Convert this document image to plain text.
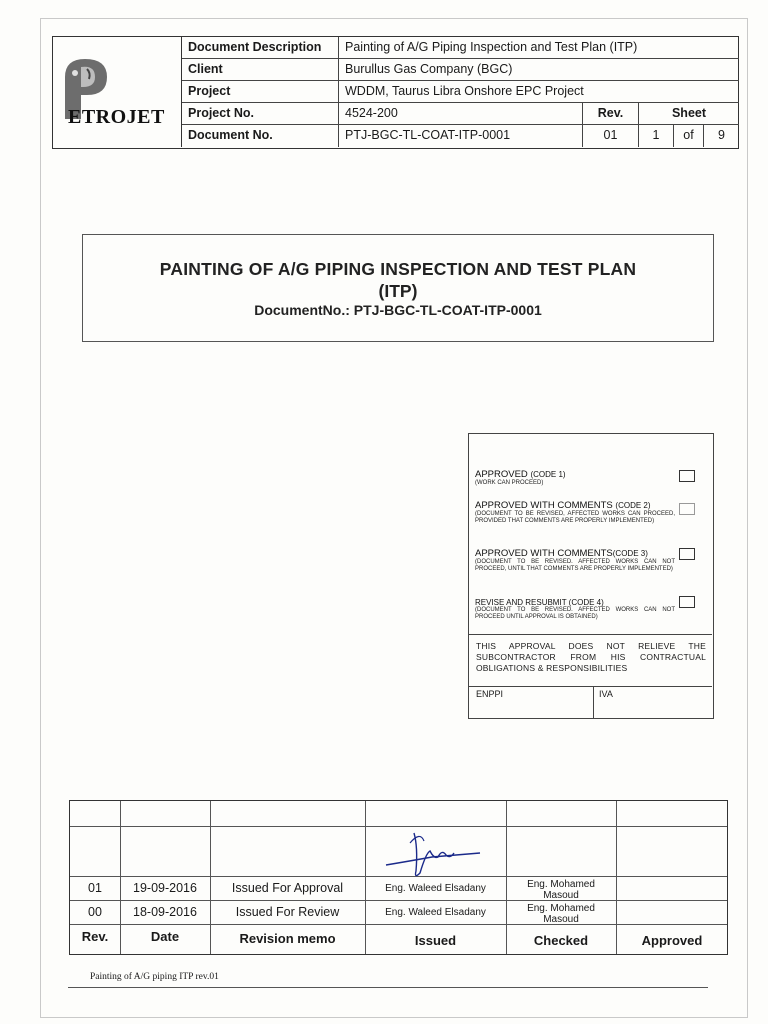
ETROJET
Document Description	Painting of A/G Piping Inspection and Test Plan (ITP)
Client	Burullus Gas Company (BGC)
Project	WDDM, Taurus Libra Onshore EPC Project
Project No.	4524-200	Rev.	Sheet
Document No.	PTJ-BGC-TL-COAT-ITP-0001	01	1	of	9
PAINTING OF A/G PIPING INSPECTION AND TEST PLAN
(ITP)
DocumentNo.: PTJ-BGC-TL-COAT-ITP-0001
APPROVED (CODE 1)
(WORK CAN PROCEED)
APPROVED WITH COMMENTS (CODE 2)
(DOCUMENT TO BE REVISED, AFFECTED WORKS CAN PROCEED, PROVIDED THAT COMMENTS ARE PROPERLY IMPLEMENTED)
APPROVED WITH COMMENTS(CODE 3)
(DOCUMENT TO BE REVISED. AFFECTED WORKS CAN NOT PROCEED, UNTIL THAT COMMENTS ARE PROPERLY IMPLEMENTED)
REVISE AND RESUBMIT (CODE 4)
(DOCUMENT TO BE REVISED. AFFECTED WORKS CAN NOT PROCEED UNTIL APPROVAL IS OBTAINED)
THIS APPROVAL DOES NOT RELIEVE THE SUBCONTRACTOR FROM HIS CONTRACTUAL OBLIGATIONS & RESPONSIBILITIES
ENPPI	IVA
01	19-09-2016	Issued For Approval	Eng. Waleed Elsadany	Eng. Mohamed Masoud
00	18-09-2016	Issued For Review	Eng. Waleed Elsadany	Eng. Mohamed Masoud
Rev.	Date	Revision memo	Issued	Checked	Approved
Painting of A/G piping ITP rev.01
